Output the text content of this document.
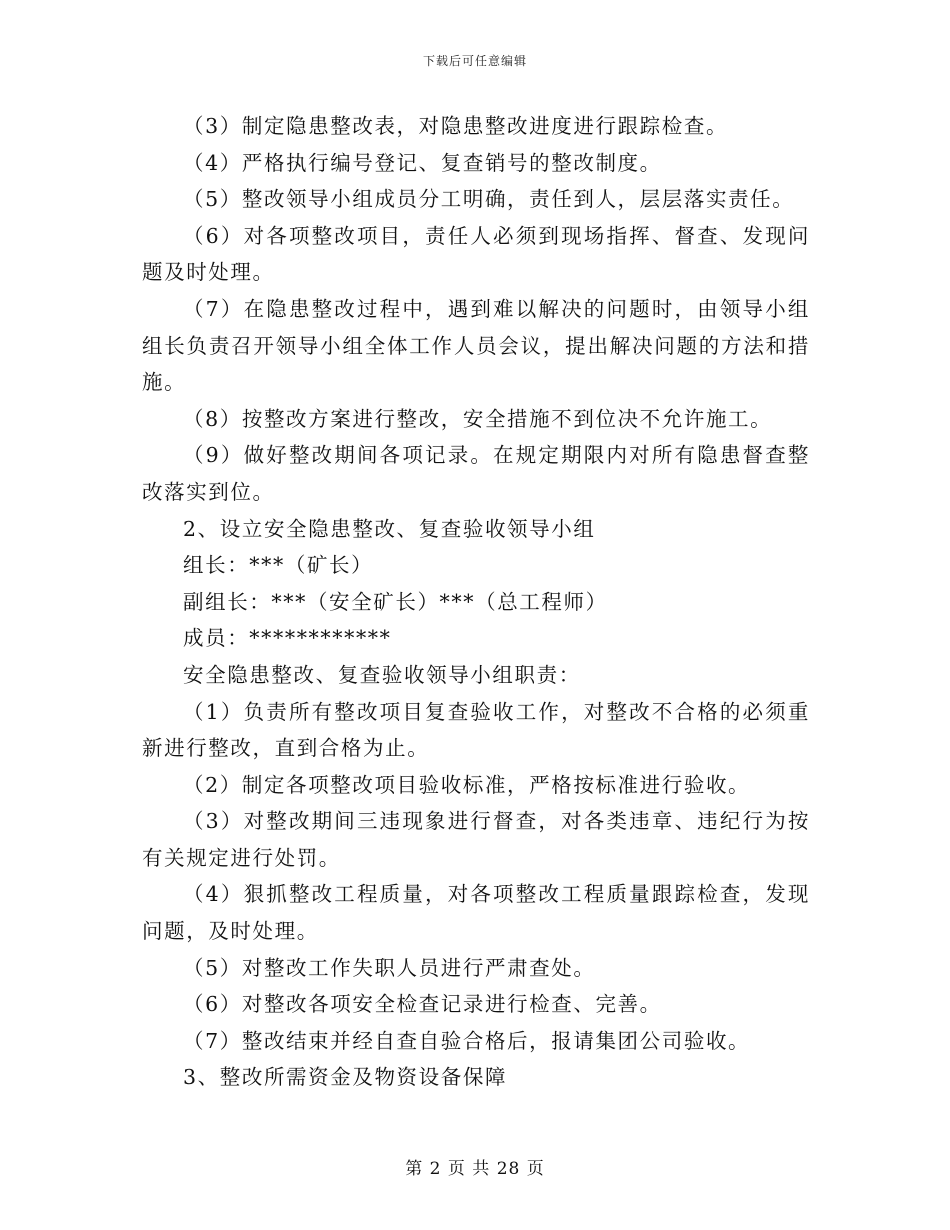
下载后可任意编辑

（3）制定隐患整改表，对隐患整改进度进行跟踪检查。

（4）严格执行编号登记、复查销号的整改制度。

（5）整改领导小组成员分工明确，责任到人，层层落实责任。

（6）对各项整改项目，责任人必须到现场指挥、督查、发现问题及时处理。

（7）在隐患整改过程中，遇到难以解决的问题时，由领导小组组长负责召开领导小组全体工作人员会议，提出解决问题的方法和措施。

（8）按整改方案进行整改，安全措施不到位决不允许施工。

（9）做好整改期间各项记录。在规定期限内对所有隐患督查整改落实到位。

2、设立安全隐患整改、复查验收领导小组

组长：***（矿长）

副组长：***（安全矿长）***（总工程师）

成员：************

安全隐患整改、复查验收领导小组职责：

（1）负责所有整改项目复查验收工作，对整改不合格的必须重新进行整改，直到合格为止。

（2）制定各项整改项目验收标准，严格按标准进行验收。

（3）对整改期间三违现象进行督查，对各类违章、违纪行为按有关规定进行处罚。

（4）狠抓整改工程质量，对各项整改工程质量跟踪检查，发现问题，及时处理。

（5）对整改工作失职人员进行严肃查处。

（6）对整改各项安全检查记录进行检查、完善。

（7）整改结束并经自查自验合格后，报请集团公司验收。

3、整改所需资金及物资设备保障

第 2 页 共 28 页
